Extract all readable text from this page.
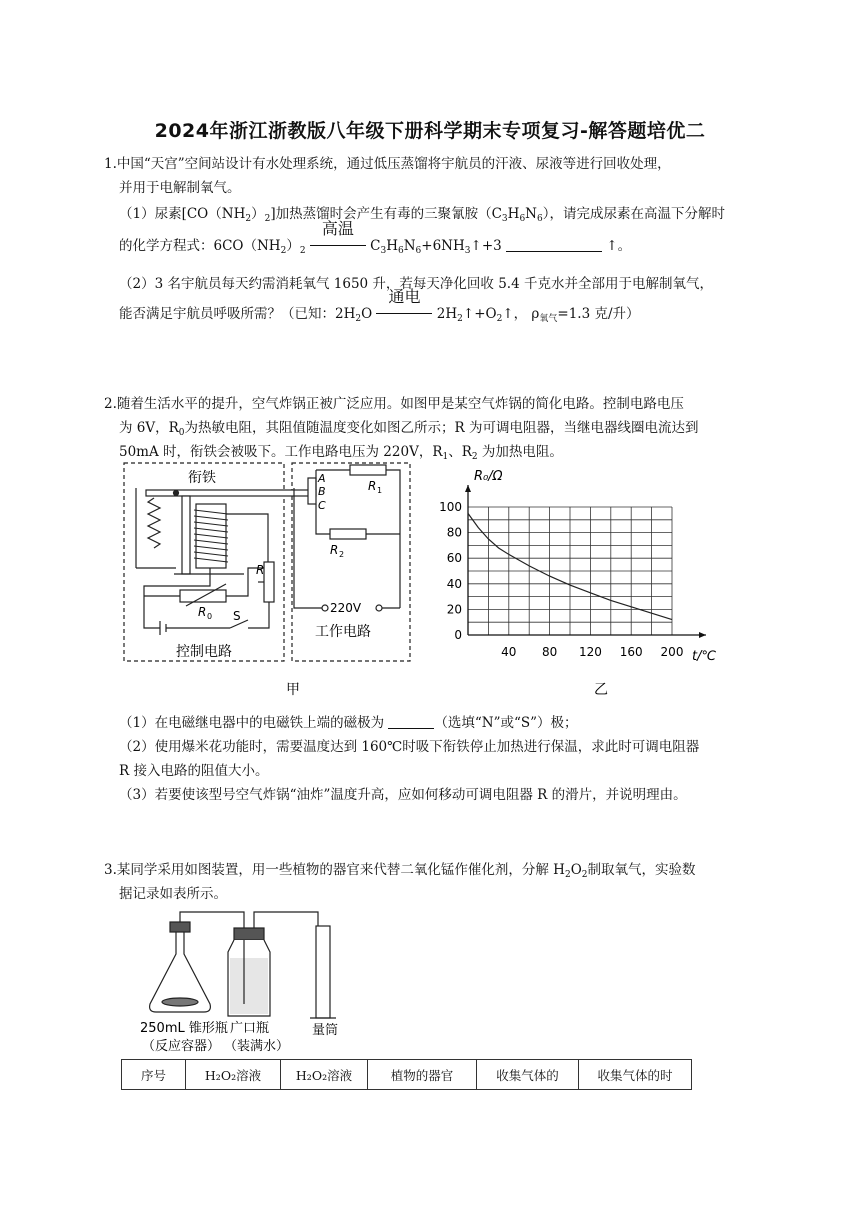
2024年浙江浙教版八年级下册科学期末专项复习-解答题培优二
1.中国“天宫”空间站设计有水处理系统，通过低压蒸馏将宇航员的汗液、尿液等进行回收处理，
并用于电解制氧气。
（1）尿素$[CO(NH_2)_2]$加热蒸馏时会产生有毒的三聚氰胺$(C_3H_6N_6)$，请完成尿素在高温下分解时
的化学方程式：$6CO(NH_2)_2$
高温
$C_3H_6N_6+6NH_3↑+3$	↑。
（2）3 名宇航员每天约需消耗氧气 1650 升，若每天净化回收 5.4 千克水并全部用于电解制氧气，
能否满足宇航员呼吸所需？（已知：$2H_2O$
通电
$2H_2↑+O_2↑$， $\rho_{氧气}=1.3$ 克/升）
2.随着生活水平的提升，空气炸锅正被广泛应用。如图甲是某空气炸锅的简化电路。控制电路电压
为 6V，$R_0$为热敏电阻，其阻值随温度变化如图乙所示；R 为可调电阻器，当继电器线圈电流达到
50mA 时，衔铁会被吸下。工作电路电压为 220V，$R_1$、$R_2$ 为加热电阻。
衔铁	A
B
C
R 1
R 2
R
R 0 S
220V
控制电路
工作电路
甲
40 80 120 160 200
0
20
40
60
80
100
R₀/Ω
t/℃
乙
（1）在电磁继电器中的电磁铁上端的磁极为	（选填“N”或“S”）极；
（2）使用爆米花功能时，需要温度达到 160℃时吸下衔铁停止加热进行保温，求此时可调电阻器
R 接入电路的阻值大小。
（3）若要使该型号空气炸锅“油炸”温度升高，应如何移动可调电阻器 R 的滑片，并说明理由。
3.某同学采用如图装置，用一些植物的器官来代替二氧化锰作催化剂，分解 $H_2O_2$制取氧气，实验数
据记录如表所示。
250mL 锥形瓶
（反应容器）
广口瓶
（装满水）
量筒
序号	H₂O₂溶液	H₂O₂溶液	植物的器官	收集气体的	收集气体的时
